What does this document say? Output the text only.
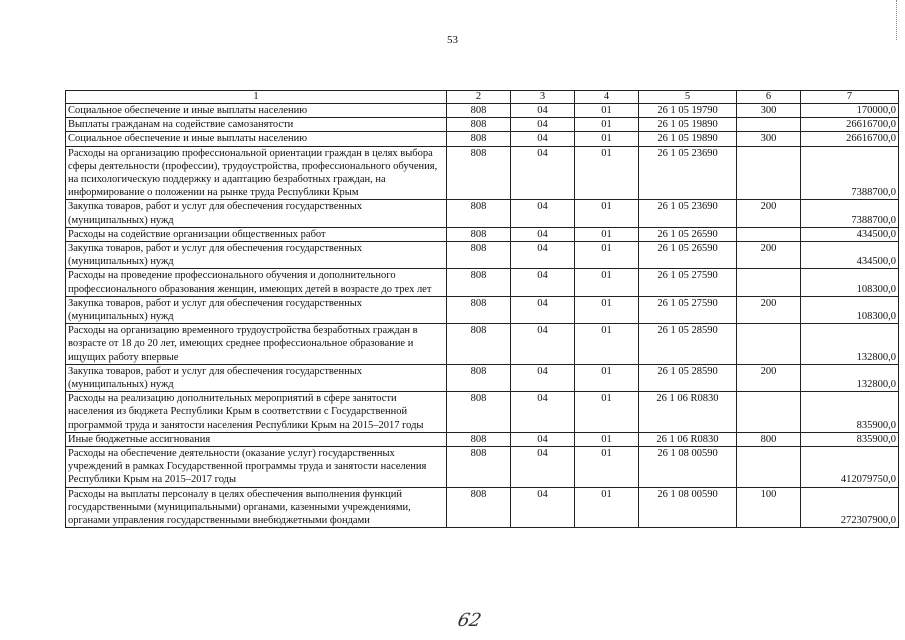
53
1	2	3	4	5	6	7
Социальное обеспечение и иные выплаты населению	808	04	01	26 1 05 19790	300	170000,0
Выплаты гражданам на содействие самозанятости	808	04	01	26 1 05 19890		26616700,0
Социальное обеспечение и иные выплаты населению	808	04	01	26 1 05 19890	300	26616700,0
Расходы на организацию профессиональной ориентации граждан в целях выбора сферы деятельности (профессии), трудоустройства, профессионального обучения, на психологическую поддержку и адаптацию безработных граждан, на информирование о положении на рынке труда Республики Крым	808	04	01	26 1 05 23690		7388700,0
Закупка товаров, работ и услуг для обеспечения государственных (муниципальных) нужд	808	04	01	26 1 05 23690	200	7388700,0
Расходы на содействие организации общественных работ	808	04	01	26 1 05 26590		434500,0
Закупка товаров, работ и услуг для обеспечения государственных (муниципальных) нужд	808	04	01	26 1 05 26590	200	434500,0
Расходы на проведение профессионального обучения и дополнительного профессионального образования женщин, имеющих детей в возрасте до трех лет	808	04	01	26 1 05 27590		108300,0
Закупка товаров, работ и услуг для обеспечения государственных (муниципальных) нужд	808	04	01	26 1 05 27590	200	108300,0
Расходы на организацию временного трудоустройства безработных граждан в возрасте от 18 до 20 лет, имеющих среднее профессиональное образование и ищущих работу впервые	808	04	01	26 1 05 28590		132800,0
Закупка товаров, работ и услуг для обеспечения государственных (муниципальных) нужд	808	04	01	26 1 05 28590	200	132800,0
Расходы на реализацию дополнительных мероприятий в сфере занятости населения из бюджета Республики Крым в соответствии с Государственной программой труда и занятости населения Республики Крым на 2015–2017 годы	808	04	01	26 1 06 R0830		835900,0
Иные бюджетные ассигнования	808	04	01	26 1 06 R0830	800	835900,0
Расходы на обеспечение деятельности (оказание услуг) государственных учреждений в рамках Государственной программы труда и занятости населения Республики Крым на 2015–2017 годы	808	04	01	26 1 08 00590		412079750,0
Расходы на выплаты персоналу в целях обеспечения выполнения функций государственными (муниципальными) органами, казенными учреждениями, органами управления государственными внебюджетными фондами	808	04	01	26 1 08 00590	100	272307900,0
62
